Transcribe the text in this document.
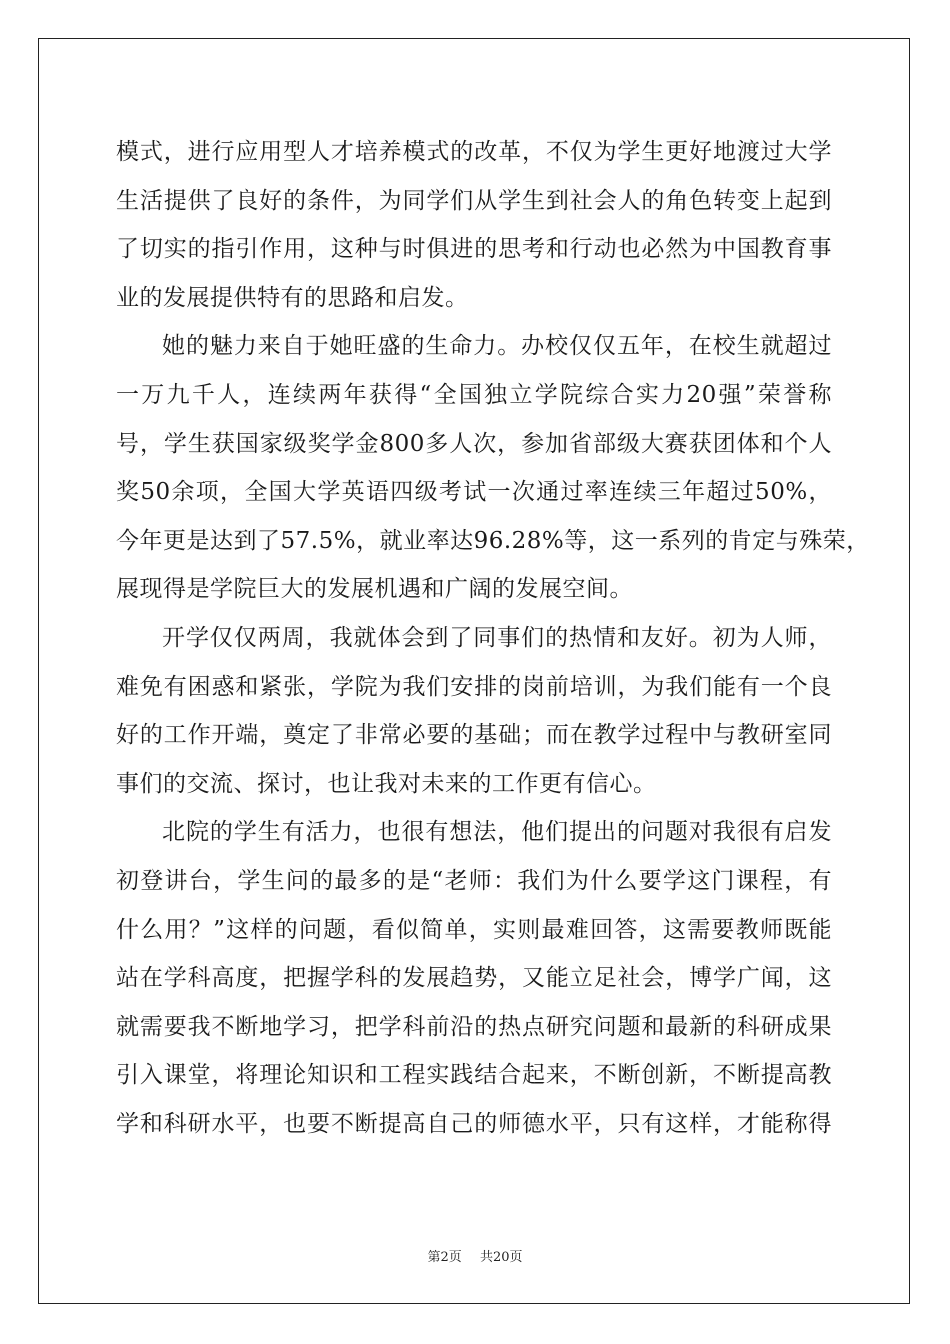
模式，进行应用型人才培养模式的改革，不仅为学生更好地渡过大学
生活提供了良好的条件，为同学们从学生到社会人的角色转变上起到
了切实的指引作用，这种与时俱进的思考和行动也必然为中国教育事
业的发展提供特有的思路和启发。
她的魅力来自于她旺盛的生命力。办校仅仅五年，在校生就超过
一万九千人，连续两年获得“全国独立学院综合实力20强”荣誉称
号，学生获国家级奖学金800多人次，参加省部级大赛获团体和个人
奖50余项，全国大学英语四级考试一次通过率连续三年超过50%，
今年更是达到了57.5%，就业率达96.28%等，这一系列的肯定与殊荣，
展现得是学院巨大的发展机遇和广阔的发展空间。
开学仅仅两周，我就体会到了同事们的热情和友好。初为人师，
难免有困惑和紧张，学院为我们安排的岗前培训，为我们能有一个良
好的工作开端，奠定了非常必要的基础；而在教学过程中与教研室同
事们的交流、探讨，也让我对未来的工作更有信心。
北院的学生有活力，也很有想法，他们提出的问题对我很有启发
初登讲台，学生问的最多的是“老师：我们为什么要学这门课程，有
什么用？”这样的问题，看似简单，实则最难回答，这需要教师既能
站在学科高度，把握学科的发展趋势，又能立足社会，博学广闻，这
就需要我不断地学习，把学科前沿的热点研究问题和最新的科研成果
引入课堂，将理论知识和工程实践结合起来，不断创新，不断提高教
学和科研水平，也要不断提高自己的师德水平，只有这样，才能称得
第2页 共20页
